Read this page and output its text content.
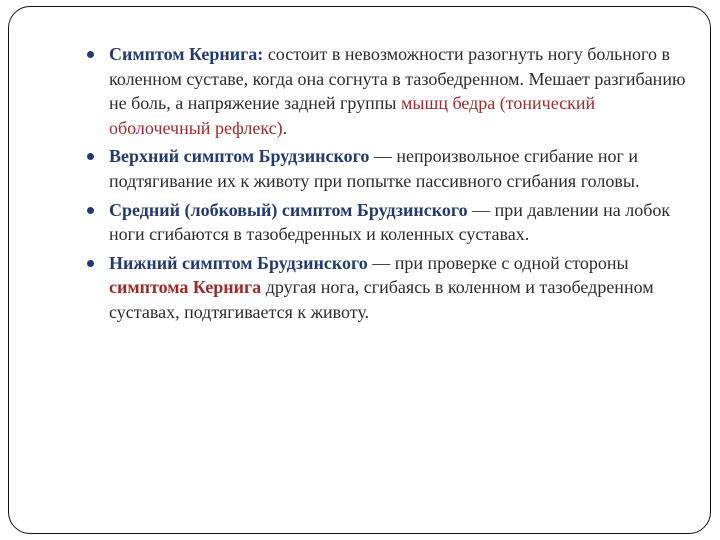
Симптом Кернига: состоит в невозможности разогнуть ногу больного в коленном суставе, когда она согнута в тазобедренном. Мешает разгибанию не боль, а напряжение задней группы мышц бедра (тонический оболочечный рефлекс).
Верхний симптом Брудзинского — непроизвольное сгибание ног и подтягивание их к животу при попытке пассивного сгибания головы.
Средний (лобковый) симптом Брудзинского — при давлении на лобок ноги сгибаются в тазобедренных и коленных суставах.
Нижний симптом Брудзинского — при проверке с одной стороны симптома Кернига другая нога, сгибаясь в коленном и тазобедренном суставах, подтягивается к животу.
